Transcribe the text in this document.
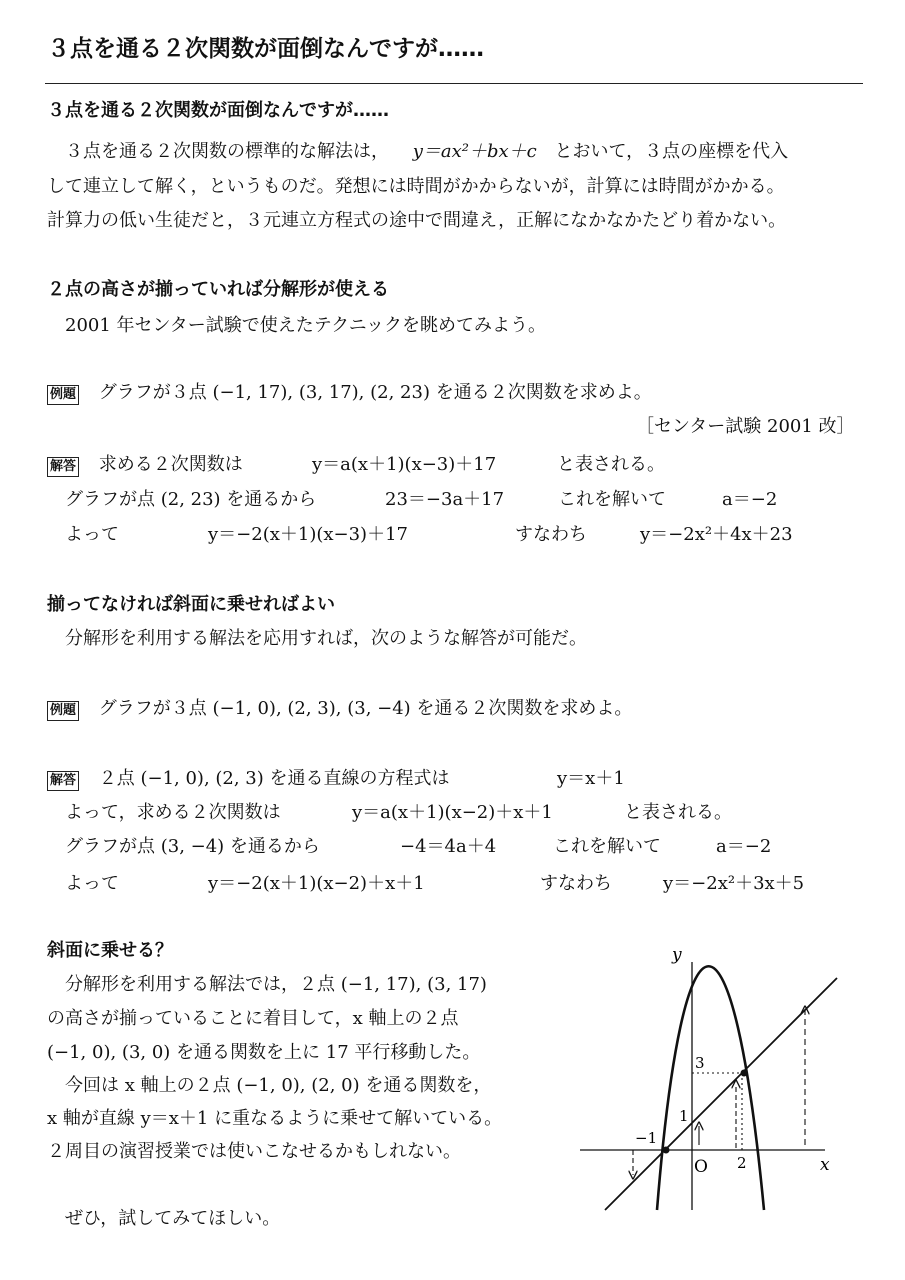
３点を通る２次関数が面倒なんですが……
３点を通る２次関数が面倒なんですが……
３点を通る２次関数の標準的な解法は， y＝ax²＋bx＋c とおいて，３点の座標を代入
して連立して解く，というものだ。発想には時間がかからないが，計算には時間がかかる。
計算力の低い生徒だと，３元連立方程式の途中で間違え，正解になかなかたどり着かない。
２点の高さが揃っていれば分解形が使える
2001 年センター試験で使えたテクニックを眺めてみよう。
例題 グラフが３点 (−1, 17), (3, 17), (2, 23) を通る２次関数を求めよ。
［センター試験 2001 改］
解答 求める２次関数は	y＝a(x＋1)(x−3)＋17	と表される。
グラフが点 (2, 23) を通るから	23＝−3a＋17	これを解いて	a＝−2
よって	y＝−2(x＋1)(x−3)＋17	すなわち	y＝−2x²＋4x＋23
揃ってなければ斜面に乗せればよい
分解形を利用する解法を応用すれば，次のような解答が可能だ。
例題 グラフが３点 (−1, 0), (2, 3), (3, −4) を通る２次関数を求めよ。
解答 ２点 (−1, 0), (2, 3) を通る直線の方程式は	y＝x＋1
よって，求める２次関数は	y＝a(x＋1)(x−2)＋x＋1	と表される。
グラフが点 (3, −4) を通るから	−4＝4a＋4	これを解いて	a＝−2
よって	y＝−2(x＋1)(x−2)＋x＋1	すなわち	y＝−2x²＋3x＋5
斜面に乗せる？
分解形を利用する解法では，２点 (−1, 17), (3, 17)
の高さが揃っていることに着目して，x 軸上の２点
(−1, 0), (3, 0) を通る関数を上に 17 平行移動した。
今回は x 軸上の２点 (−1, 0), (2, 0) を通る関数を，
x 軸が直線 y＝x＋1 に重なるように乗せて解いている。
２周目の演習授業では使いこなせるかもしれない。
ぜひ，試してみてほしい。
x
y
O
−1
1
2
3
